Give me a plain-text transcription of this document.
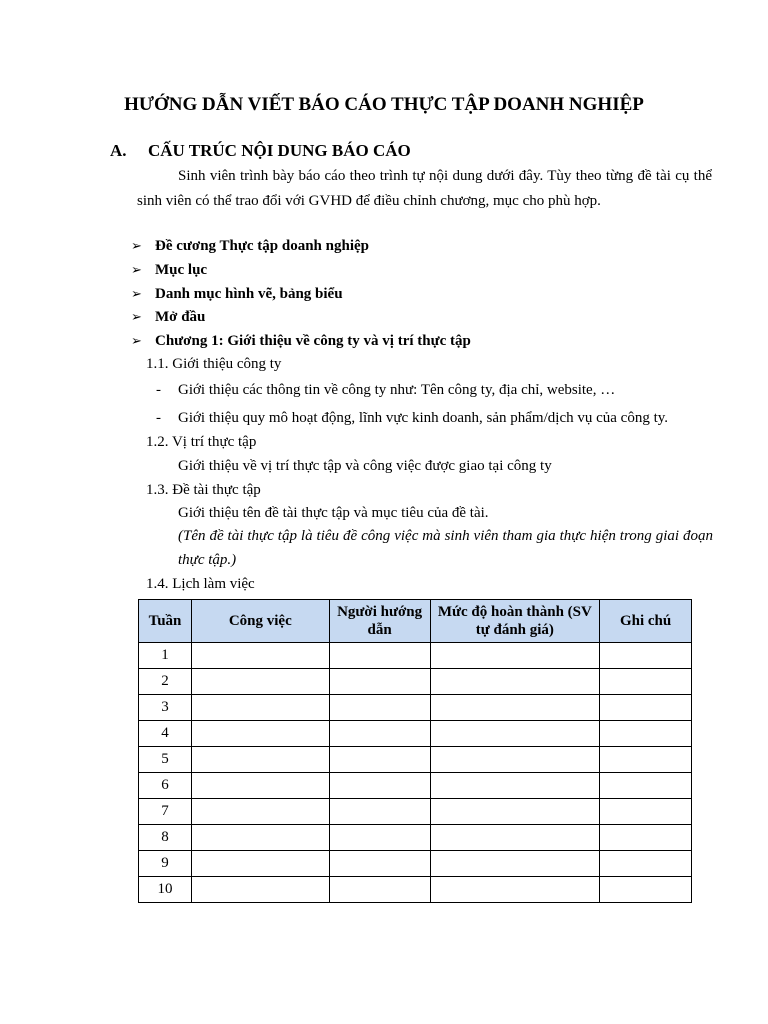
HƯỚNG DẪN VIẾT BÁO CÁO THỰC TẬP DOANH NGHIỆP
A. CẤU TRÚC NỘI DUNG BÁO CÁO
Sinh viên trình bày báo cáo theo trình tự nội dung dưới đây. Tùy theo từng đề tài cụ thể sinh viên có thể trao đổi với GVHD để điều chỉnh chương, mục cho phù hợp.
➢ Đề cương Thực tập doanh nghiệp
➢ Mục lục
➢ Danh mục hình vẽ, bảng biểu
➢ Mở đầu
➢ Chương 1: Giới thiệu về công ty và vị trí thực tập
1.1. Giới thiệu công ty
- Giới thiệu các thông tin về công ty như: Tên công ty, địa chỉ, website, …
- Giới thiệu quy mô hoạt động, lĩnh vực kinh doanh, sản phẩm/dịch vụ của công ty.
1.2. Vị trí thực tập
Giới thiệu về vị trí thực tập và công việc được giao tại công ty
1.3. Đề tài thực tập
Giới thiệu tên đề tài thực tập và mục tiêu của đề tài.
(Tên đề tài thực tập là tiêu đề công việc mà sinh viên tham gia thực hiện trong giai đoạn thực tập.)
1.4. Lịch làm việc
Tuần	Công việc	Người hướng dẫn	Mức độ hoàn thành (SV tự đánh giá)	Ghi chú
1				
2				
3				
4				
5				
6				
7				
8				
9				
10				
